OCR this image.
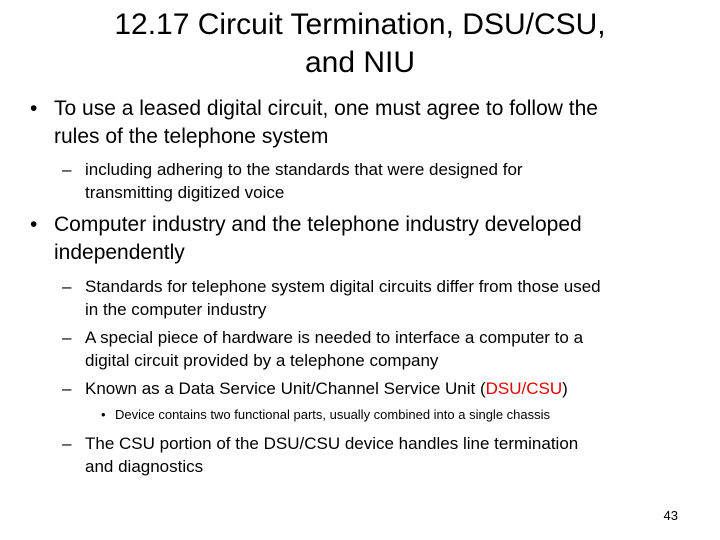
12.17 Circuit Termination, DSU/CSU,
and NIU
• To use a leased digital circuit, one must agree to follow the
rules of the telephone system
– including adhering to the standards that were designed for
transmitting digitized voice
• Computer industry and the telephone industry developed
independently
– Standards for telephone system digital circuits differ from those used
in the computer industry
– A special piece of hardware is needed to interface a computer to a
digital circuit provided by a telephone company
– Known as a Data Service Unit/Channel Service Unit (DSU/CSU)
• Device contains two functional parts, usually combined into a single chassis
– The CSU portion of the DSU/CSU device handles line termination
and diagnostics
43
